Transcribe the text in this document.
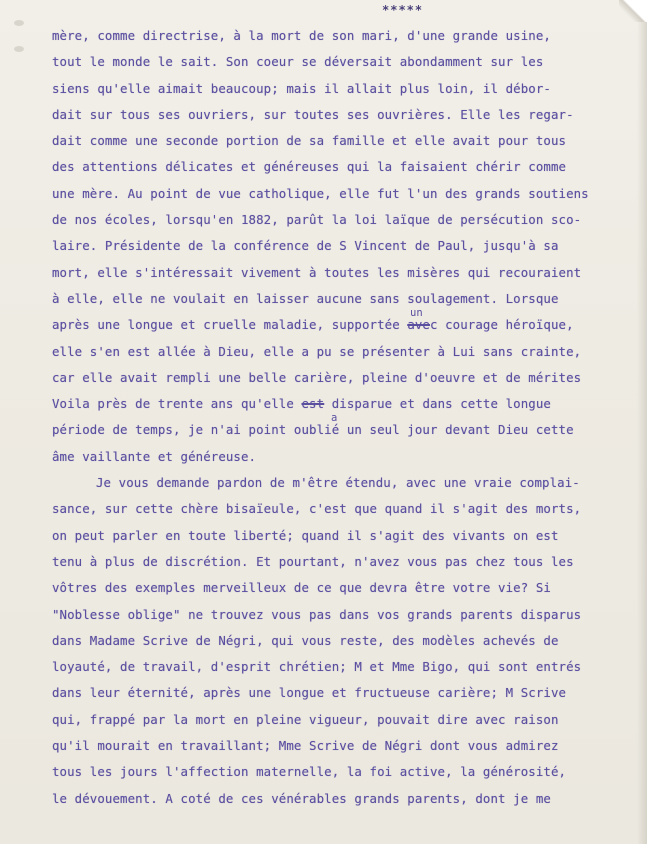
*****
un
a
mère, comme directrise, à la mort de son mari, d'une grande usine,
tout le monde le sait. Son coeur se déversait abondamment sur les
siens qu'elle aimait beaucoup; mais il allait plus loin, il débor-
dait sur tous ses ouvriers, sur toutes ses ouvrières. Elle les regar-
dait comme une seconde portion de sa famille et elle avait pour tous
des attentions délicates et généreuses qui la faisaient chérir comme
une mère. Au point de vue catholique, elle fut l'un des grands soutiens
de nos écoles, lorsqu'en 1882, parût la loi laïque de persécution sco-
laire. Présidente de la conférence de S Vincent de Paul, jusqu'à sa
mort, elle s'intéressait vivement à toutes les misères qui recouraient
à elle, elle ne voulait en laisser aucune sans soulagement. Lorsque
après une longue et cruelle maladie, supportée avec courage héroïque,
elle s'en est allée à Dieu, elle a pu se présenter à Lui sans crainte,
car elle avait rempli une belle carière, pleine d'oeuvre et de mérites
Voila près de trente ans qu'elle est disparue et dans cette longue
période de temps, je n'ai point oublié un seul jour devant Dieu cette
âme vaillante et généreuse.
Je vous demande pardon de m'être étendu, avec une vraie complai-
sance, sur cette chère bisaïeule, c'est que quand il s'agit des morts,
on peut parler en toute liberté; quand il s'agit des vivants on est
tenu à plus de discrétion. Et pourtant, n'avez vous pas chez tous les
vôtres des exemples merveilleux de ce que devra être votre vie? Si
"Noblesse oblige" ne trouvez vous pas dans vos grands parents disparus
dans Madame Scrive de Négri, qui vous reste, des modèles achevés de
loyauté, de travail, d'esprit chrétien; M et Mme Bigo, qui sont entrés
dans leur éternité, après une longue et fructueuse carière; M Scrive
qui, frappé par la mort en pleine vigueur, pouvait dire avec raison
qu'il mourait en travaillant; Mme Scrive de Négri dont vous admirez
tous les jours l'affection maternelle, la foi active, la générosité,
le dévouement. A coté de ces vénérables grands parents, dont je me
